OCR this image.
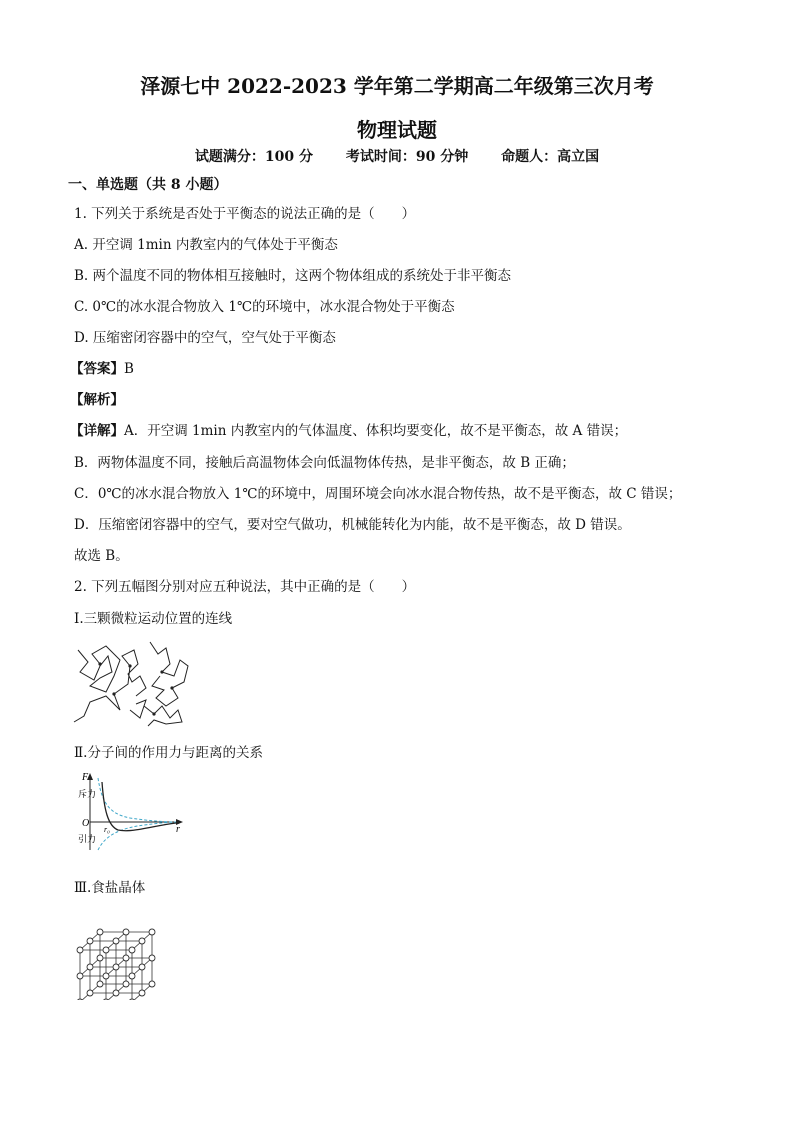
泽源七中 2022-2023 学年第二学期高二年级第三次月考
物理试题
试题满分：100 分 考试时间：90 分钟 命题人：高立国
一、单选题（共 8 小题）
1. 下列关于系统是否处于平衡态的说法正确的是（　　）
A. 开空调 1min 内教室内的气体处于平衡态
B. 两个温度不同的物体相互接触时，这两个物体组成的系统处于非平衡态
C. 0℃的冰水混合物放入 1℃的环境中，冰水混合物处于平衡态
D. 压缩密闭容器中的空气，空气处于平衡态
【答案】B
【解析】
【详解】A．开空调 1min 内教室内的气体温度、体积均要变化，故不是平衡态，故 A 错误；
B．两物体温度不同，接触后高温物体会向低温物体传热，是非平衡态，故 B 正确；
C．0℃的冰水混合物放入 1℃的环境中，周围环境会向冰水混合物传热，故不是平衡态，故 C 错误；
D．压缩密闭容器中的空气，要对空气做功，机械能转化为内能，故不是平衡态，故 D 错误。
故选 B。
2. 下列五幅图分别对应五种说法，其中正确的是（　　）
Ⅰ.三颗微粒运动位置的连线
Ⅱ.分子间的作用力与距离的关系
F
斥力
O
r₀	r
引力
Ⅲ.食盐晶体
